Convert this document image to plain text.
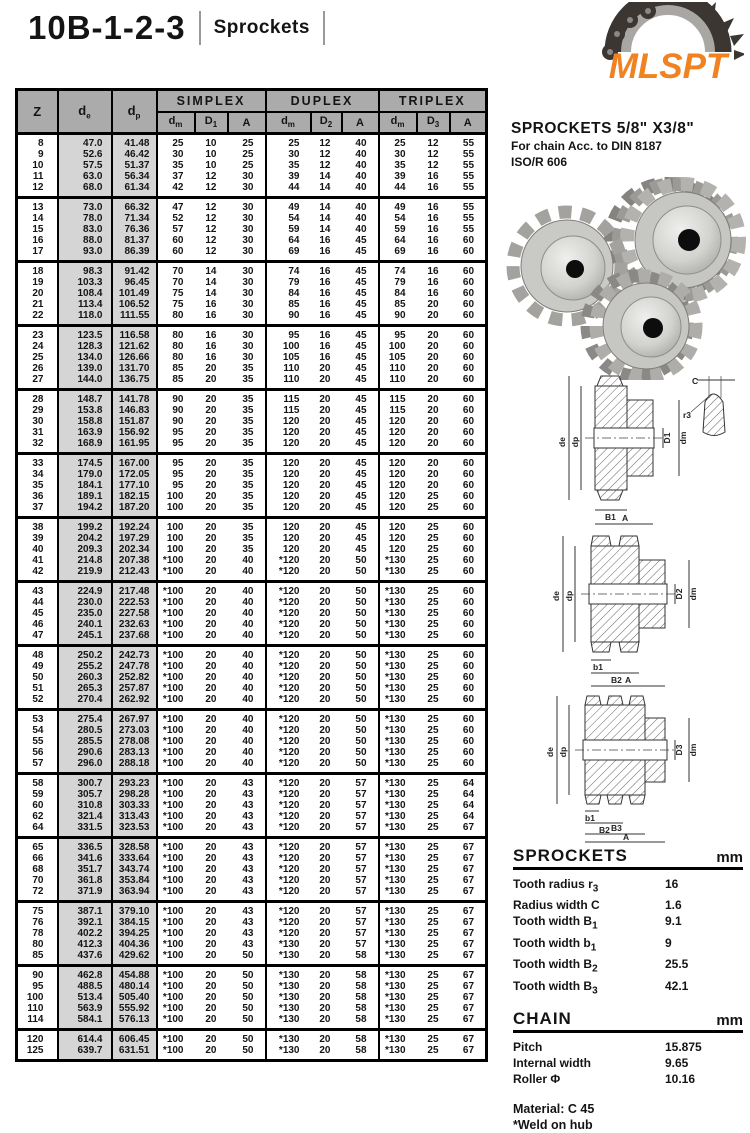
10B-1-2-3 Sprockets
MLSPT
Z	$d_e$	$d_p$	SIMPLEX			DUPLEX			TRIPLEX		
			$d_m$	$D_1$	A	$d_m$	$D_2$	A	$d_m$	$D_3$	A
8	47.0	41.48	25	10	25	25	12	40	25	12	55
9	52.6	46.42	30	10	25	30	12	40	30	12	55
10	57.5	51.37	35	10	25	35	12	40	35	12	55
11	63.0	56.34	37	12	30	39	14	40	39	16	55
12	68.0	61.34	42	12	30	44	14	40	44	16	55
13	73.0	66.32	47	12	30	49	14	40	49	16	55
14	78.0	71.34	52	12	30	54	14	40	54	16	55
15	83.0	76.36	57	12	30	59	14	40	59	16	55
16	88.0	81.37	60	12	30	64	16	45	64	16	60
17	93.0	86.39	60	12	30	69	16	45	69	16	60
18	98.3	91.42	70	14	30	74	16	45	74	16	60
19	103.3	96.45	70	14	30	79	16	45	79	16	60
20	108.4	101.49	75	14	30	84	16	45	84	16	60
21	113.4	106.52	75	16	30	85	16	45	85	20	60
22	118.0	111.55	80	16	30	90	16	45	90	20	60
23	123.5	116.58	80	16	30	95	16	45	95	20	60
24	128.3	121.62	80	16	30	100	16	45	100	20	60
25	134.0	126.66	80	16	30	105	16	45	105	20	60
26	139.0	131.70	85	20	35	110	20	45	110	20	60
27	144.0	136.75	85	20	35	110	20	45	110	20	60
28	148.7	141.78	90	20	35	115	20	45	115	20	60
29	153.8	146.83	90	20	35	115	20	45	115	20	60
30	158.8	151.87	90	20	35	120	20	45	120	20	60
31	163.9	156.92	95	20	35	120	20	45	120	20	60
32	168.9	161.95	95	20	35	120	20	45	120	20	60
33	174.5	167.00	95	20	35	120	20	45	120	20	60
34	179.0	172.05	95	20	35	120	20	45	120	20	60
35	184.1	177.10	95	20	35	120	20	45	120	20	60
36	189.1	182.15	100	20	35	120	20	45	120	25	60
37	194.2	187.20	100	20	35	120	20	45	120	25	60
38	199.2	192.24	100	20	35	120	20	45	120	25	60
39	204.2	197.29	100	20	35	120	20	45	120	25	60
40	209.3	202.34	100	20	35	120	20	45	120	25	60
41	214.8	207.38	*100	20	40	*120	20	50	*130	25	60
42	219.9	212.43	*100	20	40	*120	20	50	*130	25	60
43	224.9	217.48	*100	20	40	*120	20	50	*130	25	60
44	230.0	222.53	*100	20	40	*120	20	50	*130	25	60
45	235.0	227.58	*100	20	40	*120	20	50	*130	25	60
46	240.1	232.63	*100	20	40	*120	20	50	*130	25	60
47	245.1	237.68	*100	20	40	*120	20	50	*130	25	60
48	250.2	242.73	*100	20	40	*120	20	50	*130	25	60
49	255.2	247.78	*100	20	40	*120	20	50	*130	25	60
50	260.3	252.82	*100	20	40	*120	20	50	*130	25	60
51	265.3	257.87	*100	20	40	*120	20	50	*130	25	60
52	270.4	262.92	*100	20	40	*120	20	50	*130	25	60
53	275.4	267.97	*100	20	40	*120	20	50	*130	25	60
54	280.5	273.03	*100	20	40	*120	20	50	*130	25	60
55	285.5	278.08	*100	20	40	*120	20	50	*130	25	60
56	290.6	283.13	*100	20	40	*120	20	50	*130	25	60
57	296.0	288.18	*100	20	40	*120	20	50	*130	25	60
58	300.7	293.23	*100	20	43	*120	20	57	*130	25	64
59	305.7	298.28	*100	20	43	*120	20	57	*130	25	64
60	310.8	303.33	*100	20	43	*120	20	57	*130	25	64
62	321.4	313.43	*100	20	43	*120	20	57	*130	25	64
64	331.5	323.53	*100	20	43	*120	20	57	*130	25	67
65	336.5	328.58	*100	20	43	*120	20	57	*130	25	67
66	341.6	333.64	*100	20	43	*120	20	57	*130	25	67
68	351.7	343.74	*100	20	43	*120	20	57	*130	25	67
70	361.8	353.84	*100	20	43	*120	20	57	*130	25	67
72	371.9	363.94	*100	20	43	*120	20	57	*130	25	67
75	387.1	379.10	*100	20	43	*120	20	57	*130	25	67
76	392.1	384.15	*100	20	43	*120	20	57	*130	25	67
78	402.2	394.25	*100	20	43	*120	20	57	*130	25	67
80	412.3	404.36	*100	20	43	*130	20	57	*130	25	67
85	437.6	429.62	*100	20	50	*130	20	58	*130	25	67
90	462.8	454.88	*100	20	50	*130	20	58	*130	25	67
95	488.5	480.14	*100	20	50	*130	20	58	*130	25	67
100	513.4	505.40	*100	20	50	*130	20	58	*130	25	67
110	563.9	555.92	*100	20	50	*130	20	58	*130	25	67
114	584.1	576.13	*100	20	50	*130	20	58	*130	25	67
120	614.4	606.45	*100	20	50	*130	20	58	*130	25	67
125	639.7	631.51	*100	20	50	*130	20	58	*130	25	67
SPROCKETS 5/8" X3/8"
For chain Acc. to DIN 8187
ISO/R 606
de dp	D1 dm
B1 A
C
r3
de dp	D2 dm
b1
B2 A
de dp	D3 dm
b1
B2 B3
A
SPROCKETS	mm
Tooth radius $r_3$	16
Radius width C	1.6
Tooth width $B_1$	9.1
Tooth width $b_1$	9
Tooth width $B_2$	25.5
Tooth width $B_3$	42.1
CHAIN	mm
Pitch	15.875
Internal width	9.65
Roller Φ	10.16
Material: C 45
*Weld on hub
